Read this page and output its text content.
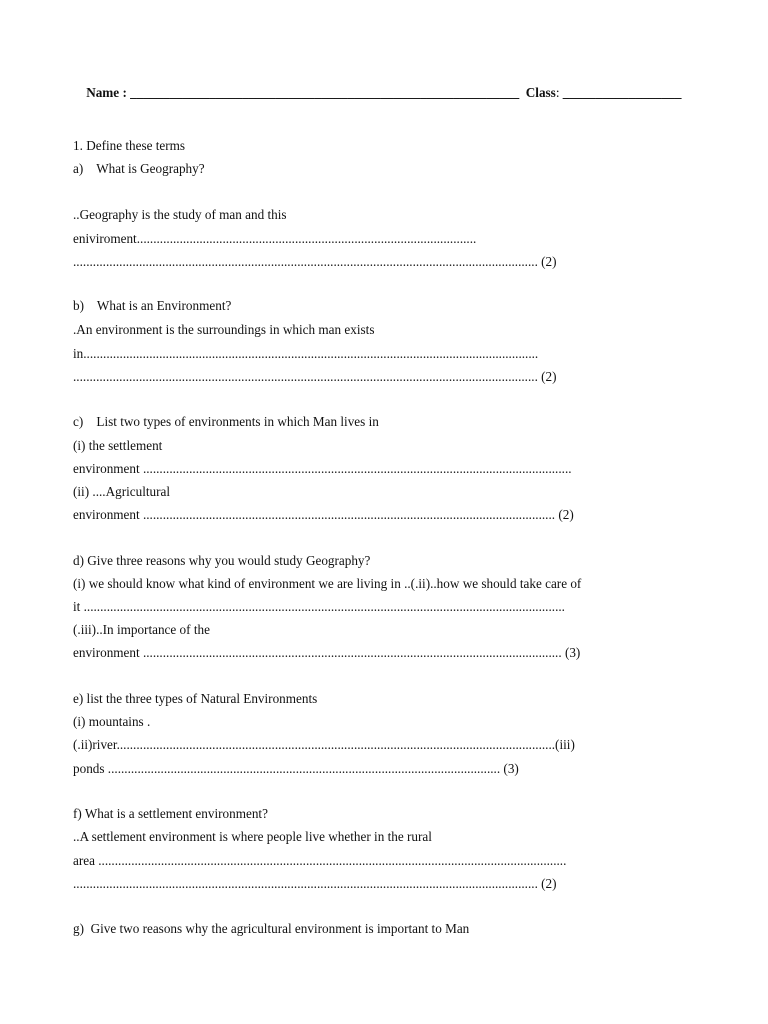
Name : ___________________________________________________________  Class: __________________

1. Define these terms
a)    What is Geography?
..Geography is the study of man and this
eniviroment.......................................................................................................
............................................................................................................................................. (2)
b)    What is an Environment?
.An environment is the surroundings in which man exists
in..........................................................................................................................................
............................................................................................................................................. (2)
c)    List two types of environments in which Man lives in
(i) the settlement
environment ..................................................................................................................................
(ii) ....Agricultural
environment ............................................................................................................................. (2)
d) Give three reasons why you would study Geography?
(i) we should know what kind of environment we are living in ..(.ii)..how we should take care of
it ..................................................................................................................................................
(.iii)..In importance of the
environment ............................................................................................................................... (3)
e) list the three types of Natural Environments
(i) mountains .
(.ii)river.....................................................................................................................................(iii)
ponds ....................................................................................................................... (3)
f) What is a settlement environment?
..A settlement environment is where people live whether in the rural
area ..............................................................................................................................................
............................................................................................................................................. (2)
g)  Give two reasons why the agricultural environment is important to Man
